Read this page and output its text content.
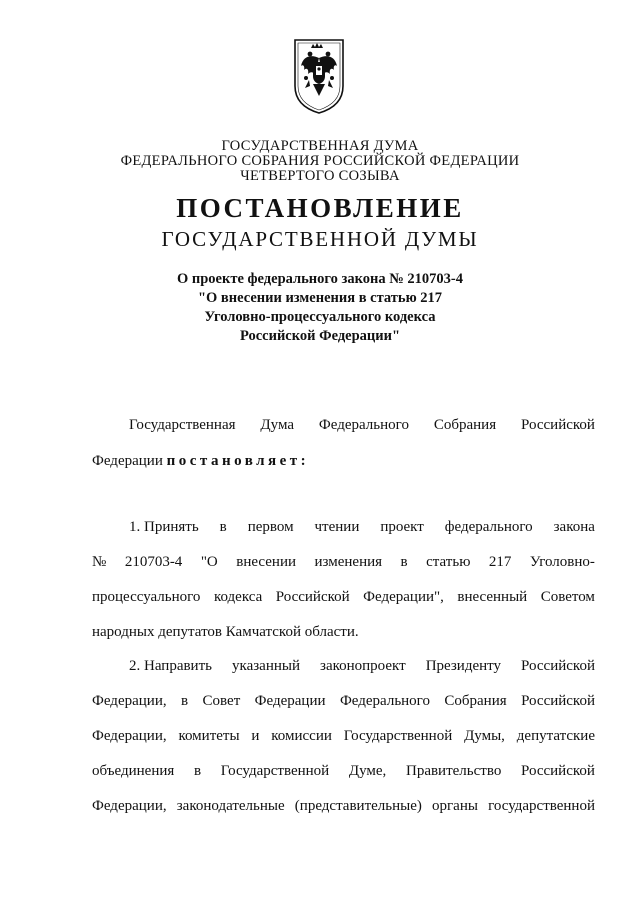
ГОСУДАРСТВЕННАЯ ДУМА
ФЕДЕРАЛЬНОГО СОБРАНИЯ РОССИЙСКОЙ ФЕДЕРАЦИИ
ЧЕТВЕРТОГО СОЗЫВА
ПОСТАНОВЛЕНИЕ
ГОСУДАРСТВЕННОЙ ДУМЫ
О проекте федерального закона № 210703-4
"О внесении изменения в статью 217
Уголовно-процессуального кодекса
Российской Федерации"
Государственная Дума Федерального Собрания Российской
Федерации постановляет:
1. Принять в первом чтении проект федерального закона
№ 210703-4 "О внесении изменения в статью 217 Уголовно-
процессуального кодекса Российской Федерации", внесенный Советом
народных депутатов Камчатской области.
2. Направить указанный законопроект Президенту Российской
Федерации, в Совет Федерации Федерального Собрания Российской
Федерации, комитеты и комиссии Государственной Думы, депутатские
объединения в Государственной Думе, Правительство Российской
Федерации, законодательные (представительные) органы государственной
